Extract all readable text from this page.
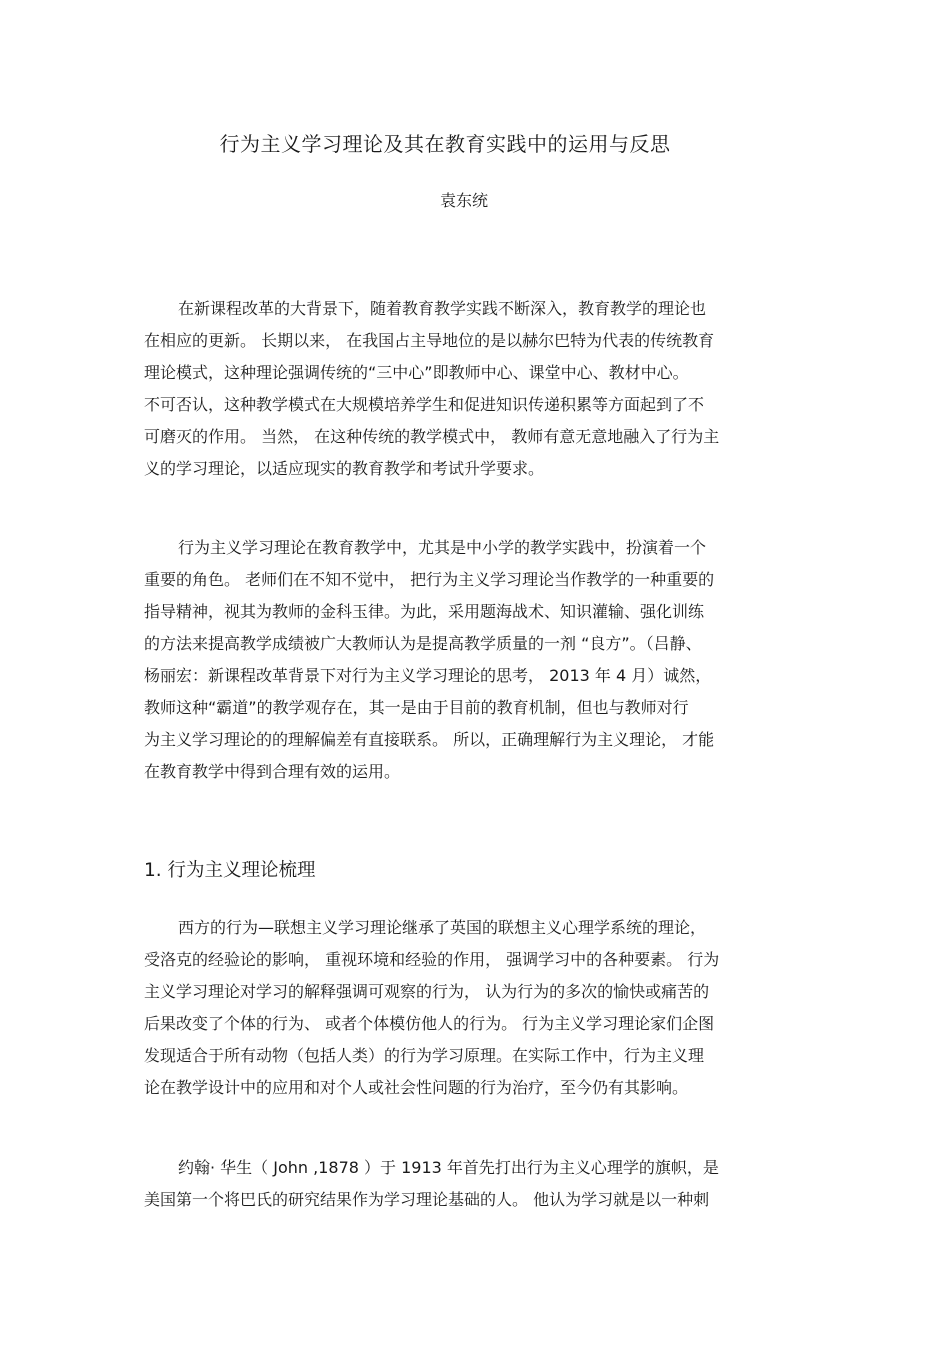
行为主义学习理论及其在教育实践中的运用与反思
袁东统
在新课程改革的大背景下，随着教育教学实践不断深入，教育教学的理论也
在相应的更新。 长期以来， 在我国占主导地位的是以赫尔巴特为代表的传统教育
理论模式，这种理论强调传统的“三中心”即教师中心、课堂中心、教材中心。
不可否认，这种教学模式在大规模培养学生和促进知识传递积累等方面起到了不
可磨灭的作用。 当然， 在这种传统的教学模式中， 教师有意无意地融入了行为主
义的学习理论，以适应现实的教育教学和考试升学要求。
行为主义学习理论在教育教学中，尤其是中小学的教学实践中，扮演着一个
重要的角色。 老师们在不知不觉中， 把行为主义学习理论当作教学的一种重要的
指导精神，视其为教师的金科玉律。为此，采用题海战术、知识灌输、强化训练
的方法来提高教学成绩被广大教师认为是提高教学质量的一剂 “良方”。（吕静、
杨丽宏：新课程改革背景下对行为主义学习理论的思考， 2013 年 4 月）诚然，
教师这种“霸道”的教学观存在，其一是由于目前的教育机制，但也与教师对行
为主义学习理论的的理解偏差有直接联系。 所以，正确理解行为主义理论， 才能
在教育教学中得到合理有效的运用。
1. 行为主义理论梳理
西方的行为—联想主义学习理论继承了英国的联想主义心理学系统的理论，
受洛克的经验论的影响， 重视环境和经验的作用， 强调学习中的各种要素。 行为
主义学习理论对学习的解释强调可观察的行为， 认为行为的多次的愉快或痛苦的
后果改变了个体的行为、 或者个体模仿他人的行为。 行为主义学习理论家们企图
发现适合于所有动物（包括人类）的行为学习原理。在实际工作中，行为主义理
论在教学设计中的应用和对个人或社会性问题的行为治疗，至今仍有其影响。
约翰· 华生（ John ,1878 ）于 1913 年首先打出行为主义心理学的旗帜，是
美国第一个将巴氏的研究结果作为学习理论基础的人。 他认为学习就是以一种刺
